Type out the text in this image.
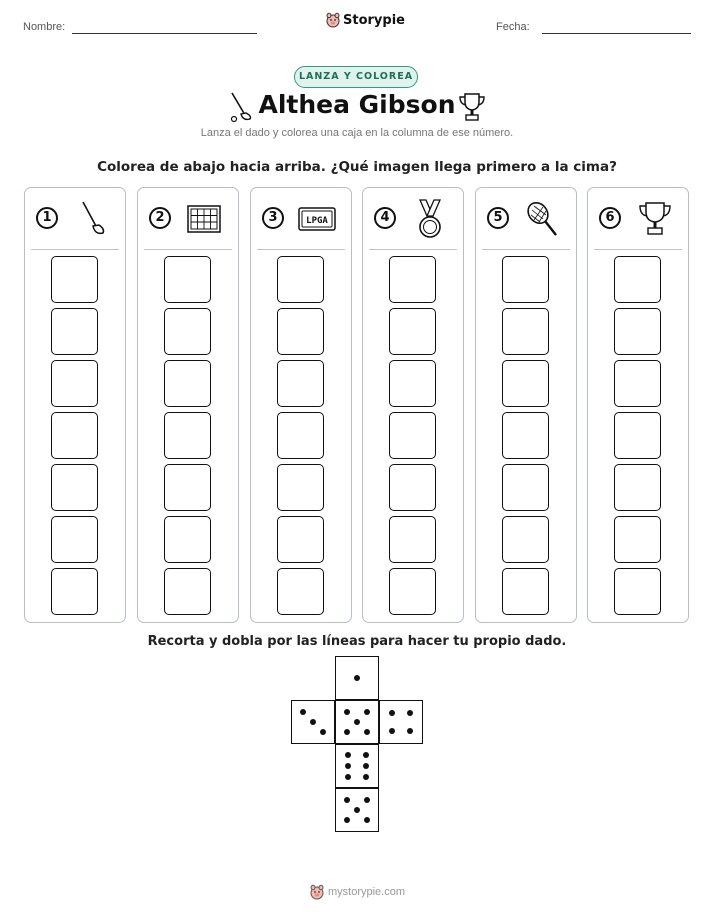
Nombre:	Storypie	Fecha:
LANZA Y COLOREA
Althea Gibson
Lanza el dado y colorea una caja en la columna de ese número.
Colorea de abajo hacia arriba. ¿Qué imagen llega primero a la cima?
1	2	3	LPGA	4	5	6
Recorta y dobla por las líneas para hacer tu propio dado.
mystorypie.com
